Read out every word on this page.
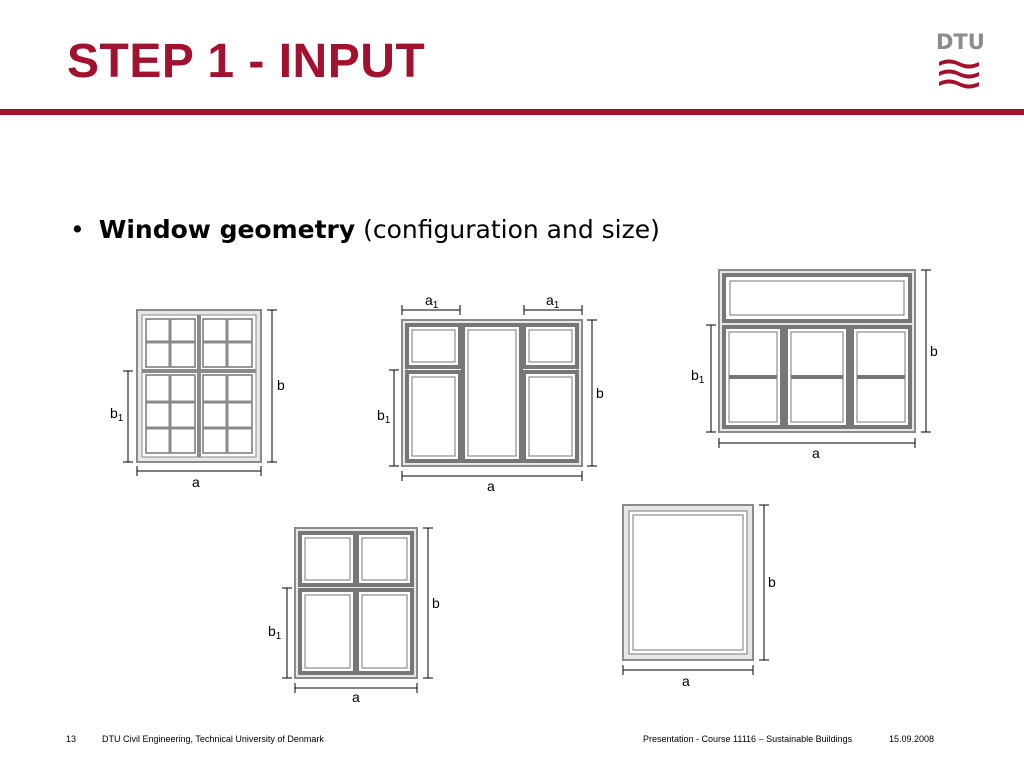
STEP 1 - INPUT	DTU
• Window geometry (configuration and size)
a
b
$b_1$
$a_1$	$a_1$
a
b
$b_1$
a
b
$b_1$
a
b
$b_1$
a
b
13	DTU Civil Engineering, Technical University of Denmark	Presentation - Course 11116 – Sustainable Buildings	15.09.2008
